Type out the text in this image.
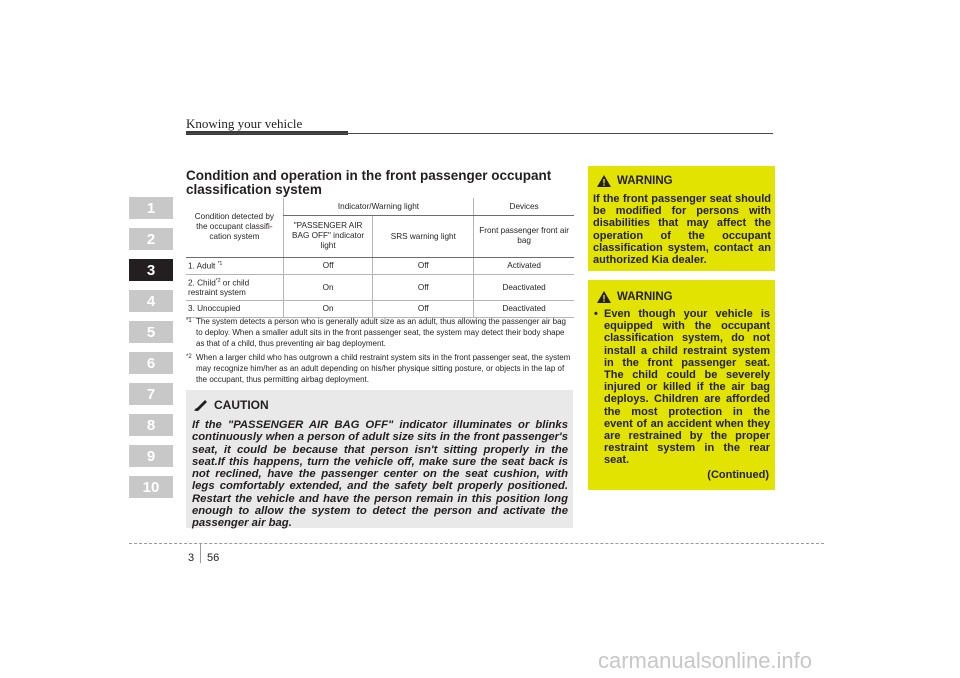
Knowing your vehicle
1
2
3
4
5
6
7
8
9
10
Condition and operation in the front passenger occupant classification system
Condition detected by the occupant classifi-cation system	Indicator/Warning light		Devices
	"PASSENGER AIR BAG OFF" indicator light	SRS warning light	Front passenger front air bag
1. Adult $^{*1}$	Off	Off	Activated
2. Child$^{*2}$ or child restraint system	On	Off	Deactivated
3. Unoccupied	On	Off	Deactivated
*1 The system detects a person who is generally adult size as an adult, thus allowing the passenger air bag to deploy. When a smaller adult sits in the front passenger seat, the system may detect their body shape as that of a child, thus preventing air bag deployment.
*2 When a larger child who has outgrown a child restraint system sits in the front passenger seat, the system may recognize him/her as an adult depending on his/her physique sitting posture, or objects in the lap of the occupant, thus permitting airbag deployment.
CAUTION
If the "PASSENGER AIR BAG OFF" indicator illuminates or blinks continuously when a person of adult size sits in the front passenger's seat, it could be because that person isn't sitting properly in the seat.If this happens, turn the vehicle off, make sure the seat back is not reclined, have the passenger center on the seat cushion, with legs comfortably extended, and the safety belt properly positioned. Restart the vehicle and have the person remain in this position long enough to allow the system to detect the person and activate the passenger air bag.
WARNING
If the front passenger seat should be modified for persons with disabilities that may affect the operation of the occupant classification system, contact an authorized Kia dealer.
WARNING
• Even though your vehicle is equipped with the occupant classification system, do not install a child restraint system in the front passenger seat. The child could be severely injured or killed if the air bag deploys. Children are afforded the most protection in the event of an accident when they are restrained by the proper restraint system in the rear seat.
(Continued)
3 56
carmanualsonline.info
